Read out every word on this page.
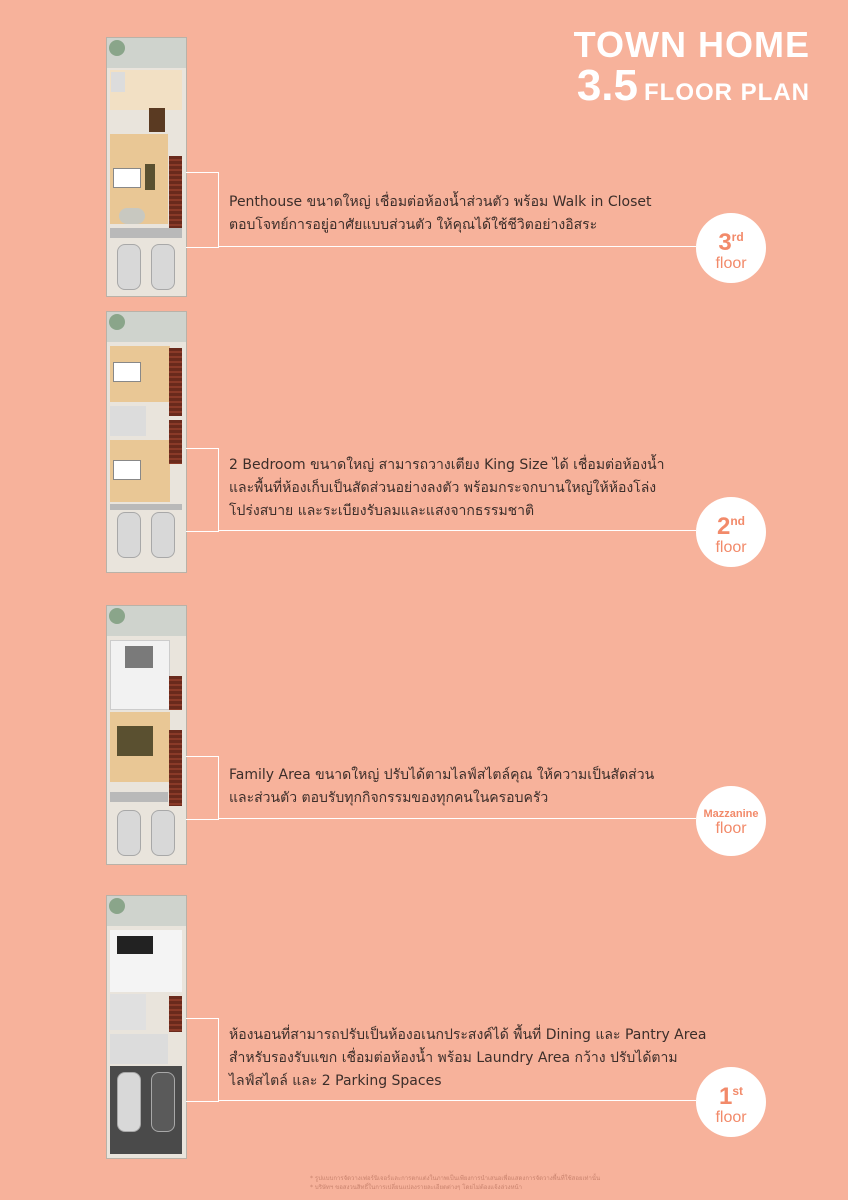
TOWN HOME
3.5 FLOOR PLAN
Penthouse ขนาดใหญ่ เชื่อมต่อห้องน้ำส่วนตัว พร้อม Walk in Closet
ตอบโจทย์การอยู่อาศัยแบบส่วนตัว ให้คุณได้ใช้ชีวิตอย่างอิสระ
3rd
floor
2 Bedroom ขนาดใหญ่ สามารถวางเตียง King Size ได้ เชื่อมต่อห้องน้ำ
และพื้นที่ห้องเก็บเป็นสัดส่วนอย่างลงตัว พร้อมกระจกบานใหญ่ให้ห้องโล่ง
โปร่งสบาย และระเบียงรับลมและแสงจากธรรมชาติ
2nd
floor
Family Area ขนาดใหญ่ ปรับได้ตามไลฟ์สไตล์คุณ ให้ความเป็นสัดส่วน
และส่วนตัว ตอบรับทุกกิจกรรมของทุกคนในครอบครัว
Mazzanine
floor
ห้องนอนที่สามารถปรับเป็นห้องอเนกประสงค์ได้ พื้นที่ Dining และ Pantry Area
สำหรับรองรับแขก เชื่อมต่อห้องน้ำ พร้อม Laundry Area กว้าง ปรับได้ตาม
ไลฟ์สไตล์ และ 2 Parking Spaces
1st
floor
* รูปแบบการจัดวางเฟอร์นิเจอร์และการตกแต่งในภาพเป็นเพียงการนำเสนอเพื่อแสดงการจัดวางพื้นที่ใช้สอยเท่านั้น
* บริษัทฯ ขอสงวนสิทธิ์ในการเปลี่ยนแปลงรายละเอียดต่างๆ โดยไม่ต้องแจ้งล่วงหน้า
